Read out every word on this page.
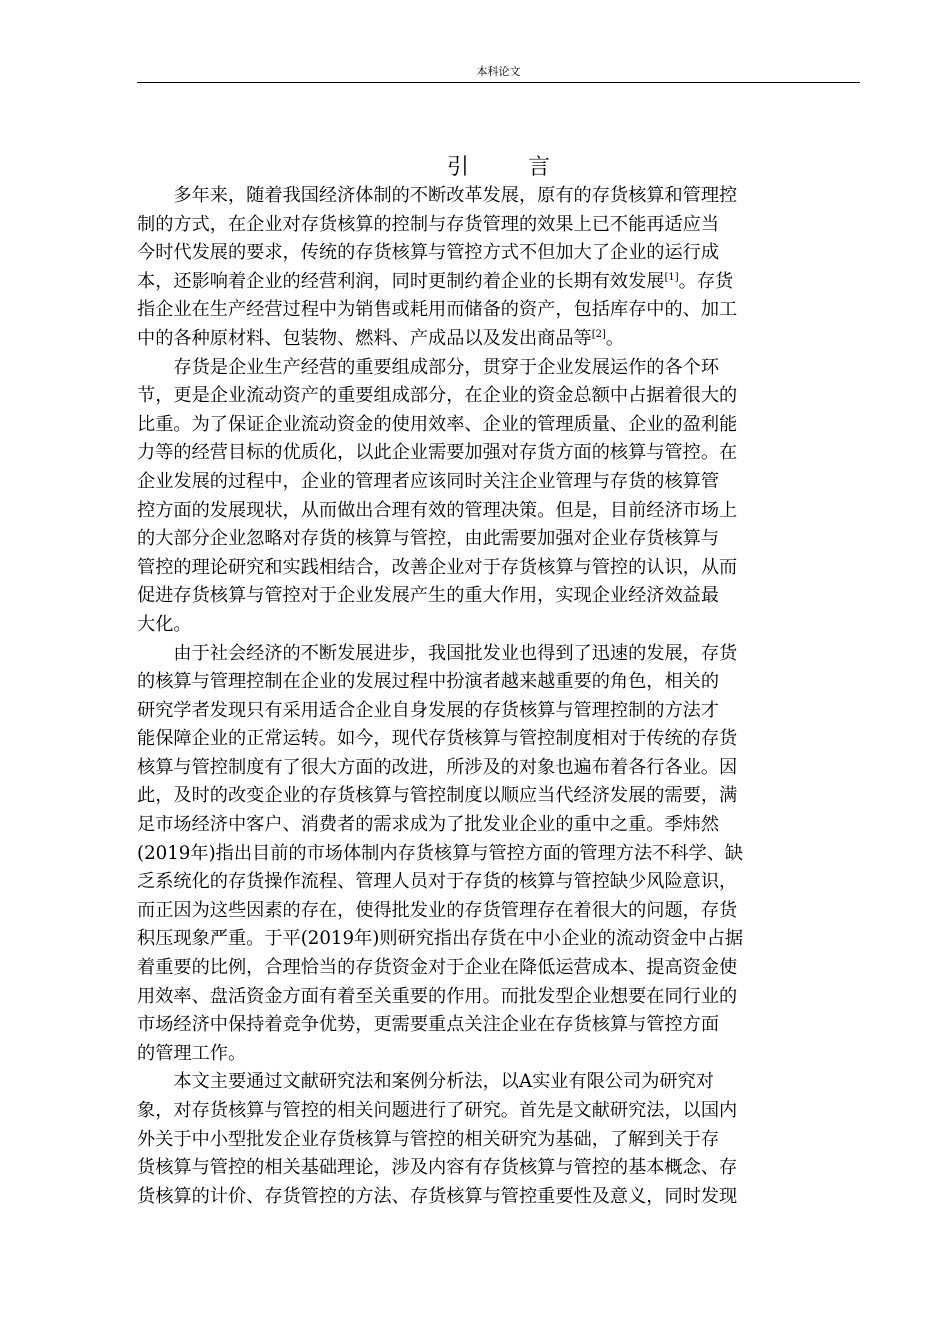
本科论文
引 言
多年来，随着我国经济体制的不断改革发展，原有的存货核算和管理控
制的方式，在企业对存货核算的控制与存货管理的效果上已不能再适应当
今时代发展的要求，传统的存货核算与管控方式不但加大了企业的运行成
本，还影响着企业的经营利润，同时更制约着企业的长期有效发展[1]。存货
指企业在生产经营过程中为销售或耗用而储备的资产，包括库存中的、加工
中的各种原材料、包装物、燃料、产成品以及发出商品等[2]。
存货是企业生产经营的重要组成部分，贯穿于企业发展运作的各个环
节，更是企业流动资产的重要组成部分，在企业的资金总额中占据着很大的
比重。为了保证企业流动资金的使用效率、企业的管理质量、企业的盈利能
力等的经营目标的优质化，以此企业需要加强对存货方面的核算与管控。在
企业发展的过程中，企业的管理者应该同时关注企业管理与存货的核算管
控方面的发展现状，从而做出合理有效的管理决策。但是，目前经济市场上
的大部分企业忽略对存货的核算与管控，由此需要加强对企业存货核算与
管控的理论研究和实践相结合，改善企业对于存货核算与管控的认识，从而
促进存货核算与管控对于企业发展产生的重大作用，实现企业经济效益最
大化。
由于社会经济的不断发展进步，我国批发业也得到了迅速的发展，存货
的核算与管理控制在企业的发展过程中扮演者越来越重要的角色，相关的
研究学者发现只有采用适合企业自身发展的存货核算与管理控制的方法才
能保障企业的正常运转。如今，现代存货核算与管控制度相对于传统的存货
核算与管控制度有了很大方面的改进，所涉及的对象也遍布着各行各业。因
此，及时的改变企业的存货核算与管控制度以顺应当代经济发展的需要，满
足市场经济中客户、消费者的需求成为了批发业企业的重中之重。季炜然
(2019年)指出目前的市场体制内存货核算与管控方面的管理方法不科学、缺
乏系统化的存货操作流程、管理人员对于存货的核算与管控缺少风险意识，
而正因为这些因素的存在，使得批发业的存货管理存在着很大的问题，存货
积压现象严重。于平(2019年)则研究指出存货在中小企业的流动资金中占据
着重要的比例，合理恰当的存货资金对于企业在降低运营成本、提高资金使
用效率、盘活资金方面有着至关重要的作用。而批发型企业想要在同行业的
市场经济中保持着竞争优势，更需要重点关注企业在存货核算与管控方面
的管理工作。
本文主要通过文献研究法和案例分析法，以A实业有限公司为研究对
象，对存货核算与管控的相关问题进行了研究。首先是文献研究法，以国内
外关于中小型批发企业存货核算与管控的相关研究为基础，了解到关于存
货核算与管控的相关基础理论，涉及内容有存货核算与管控的基本概念、存
货核算的计价、存货管控的方法、存货核算与管控重要性及意义，同时发现
